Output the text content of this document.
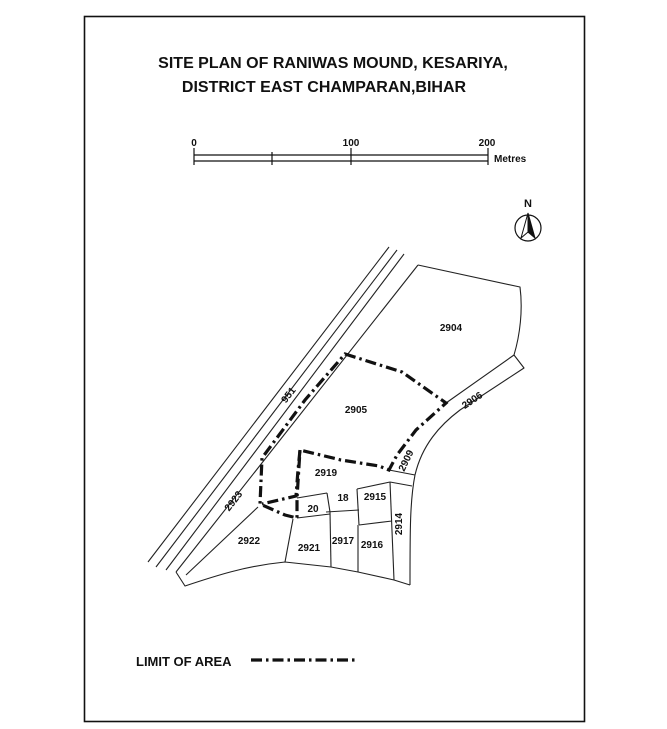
SITE PLAN OF RANIWAS MOUND, KESARIYA,
DISTRICT EAST CHAMPARAN,BIHAR
0	100	200
Metres
N
2904
2905	2906
2909
2914
2915
18
2919
20
2917 2916
2921
2922
2923
951
LIMIT OF AREA
